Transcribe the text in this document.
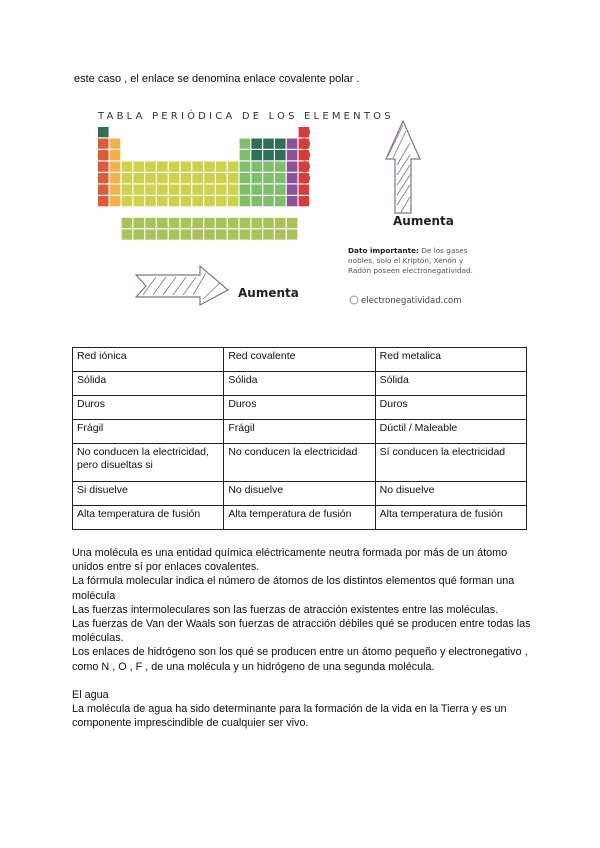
este caso , el enlace se denomina enlace covalente polar .
TABLA PERIÓDICA DE LOS ELEMENTOS
Aumenta
Aumenta
Dato importante: De los gases
nobles, solo el Kriptón, Xenón y
Radón poseen electronegatividad.
electronegatividad.com
Red iónica	Red covalente	Red metalica
Sólida	Sólida	Sólida
Duros	Duros	Duros
Frágil	Frágil	Dúctil / Maleable
No conducen la electricidad, pero disueltas si	No conducen la electricidad	Sí conducen la electricidad
Si disuelve	No disuelve	No disuelve
Alta temperatura de fusión	Alta temperatura de fusión	Alta temperatura de fusión

Una molécula es una entidad química eléctricamente neutra formada por más de un átomo unidos entre sí por enlaces covalentes.

La fórmula molecular indica el número de átomos de los distintos elementos qué forman una molécula

Las fuerzas intermoleculares son las fuerzas de atracción existentes entre las moléculas.

Las fuerzas de Van der Waals son fuerzas de atracción débiles qué se producen entre todas las moléculas.

Los enlaces de hidrógeno son los qué se producen entre un átomo pequeño y electronegativo , como N , O , F , de una molécula y un hidrógeno de una segunda molécula.

El agua

La molécula de agua ha sido determinante para la formación de la vida en la Tierra y es un componente imprescindible de cualquier ser vivo.
